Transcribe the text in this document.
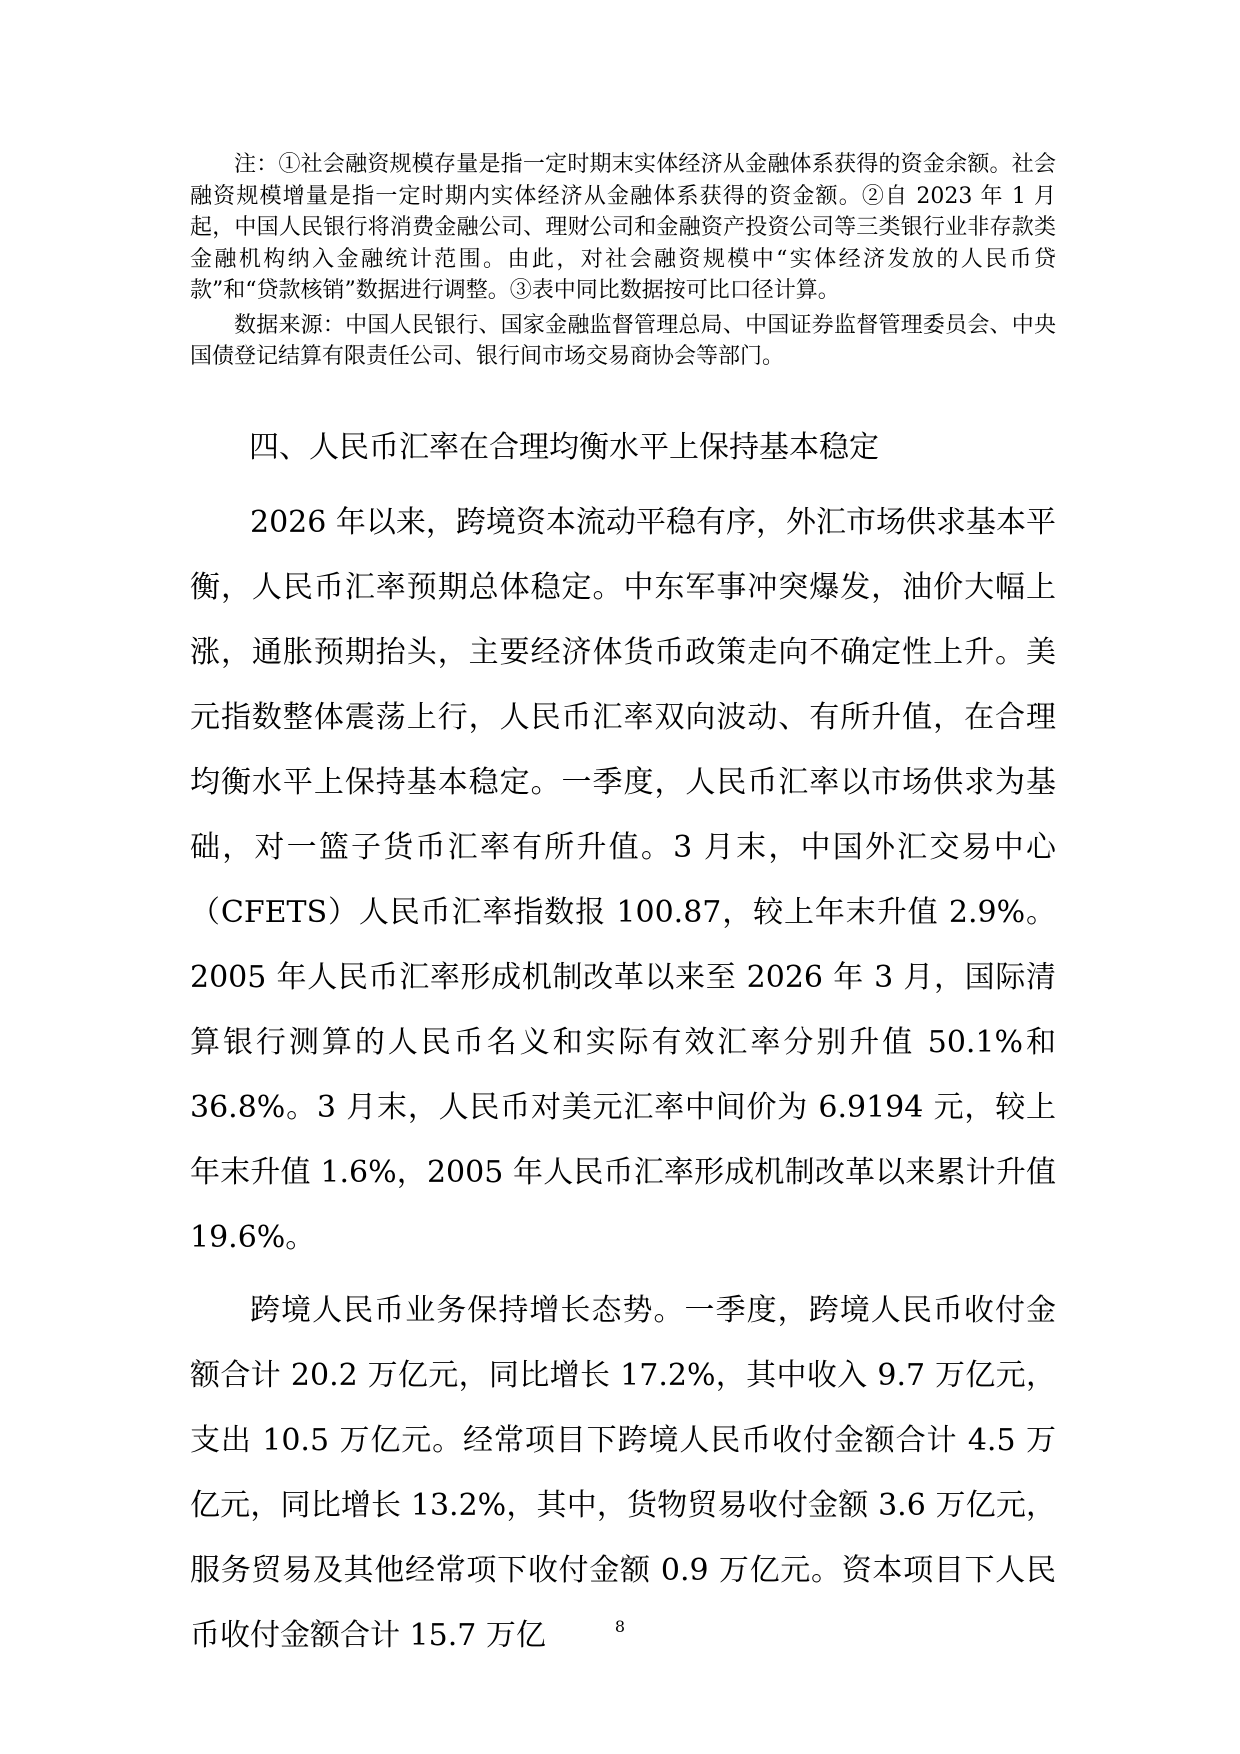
注：①社会融资规模存量是指一定时期末实体经济从金融体系获得的资金余额。社会融资规模增量是指一定时期内实体经济从金融体系获得的资金额。②自 2023 年 1 月起，中国人民银行将消费金融公司、理财公司和金融资产投资公司等三类银行业非存款类金融机构纳入金融统计范围。由此，对社会融资规模中“实体经济发放的人民币贷款”和“贷款核销”数据进行调整。③表中同比数据按可比口径计算。

数据来源：中国人民银行、国家金融监督管理总局、中国证券监督管理委员会、中央国债登记结算有限责任公司、银行间市场交易商协会等部门。

四、人民币汇率在合理均衡水平上保持基本稳定

2026 年以来，跨境资本流动平稳有序，外汇市场供求基本平衡，人民币汇率预期总体稳定。中东军事冲突爆发，油价大幅上涨，通胀预期抬头，主要经济体货币政策走向不确定性上升。美元指数整体震荡上行，人民币汇率双向波动、有所升值，在合理均衡水平上保持基本稳定。一季度，人民币汇率以市场供求为基础，对一篮子货币汇率有所升值。3 月末，中国外汇交易中心（CFETS）人民币汇率指数报 100.87，较上年末升值 2.9%。2005 年人民币汇率形成机制改革以来至 2026 年 3 月，国际清算银行测算的人民币名义和实际有效汇率分别升值 50.1%和 36.8%。3 月末，人民币对美元汇率中间价为 6.9194 元，较上年末升值 1.6%，2005 年人民币汇率形成机制改革以来累计升值 19.6%。

跨境人民币业务保持增长态势。一季度，跨境人民币收付金额合计 20.2 万亿元，同比增长 17.2%，其中收入 9.7 万亿元，支出 10.5 万亿元。经常项目下跨境人民币收付金额合计 4.5 万亿元，同比增长 13.2%，其中，货物贸易收付金额 3.6 万亿元，服务贸易及其他经常项下收付金额 0.9 万亿元。资本项目下人民币收付金额合计 15.7 万亿	8
